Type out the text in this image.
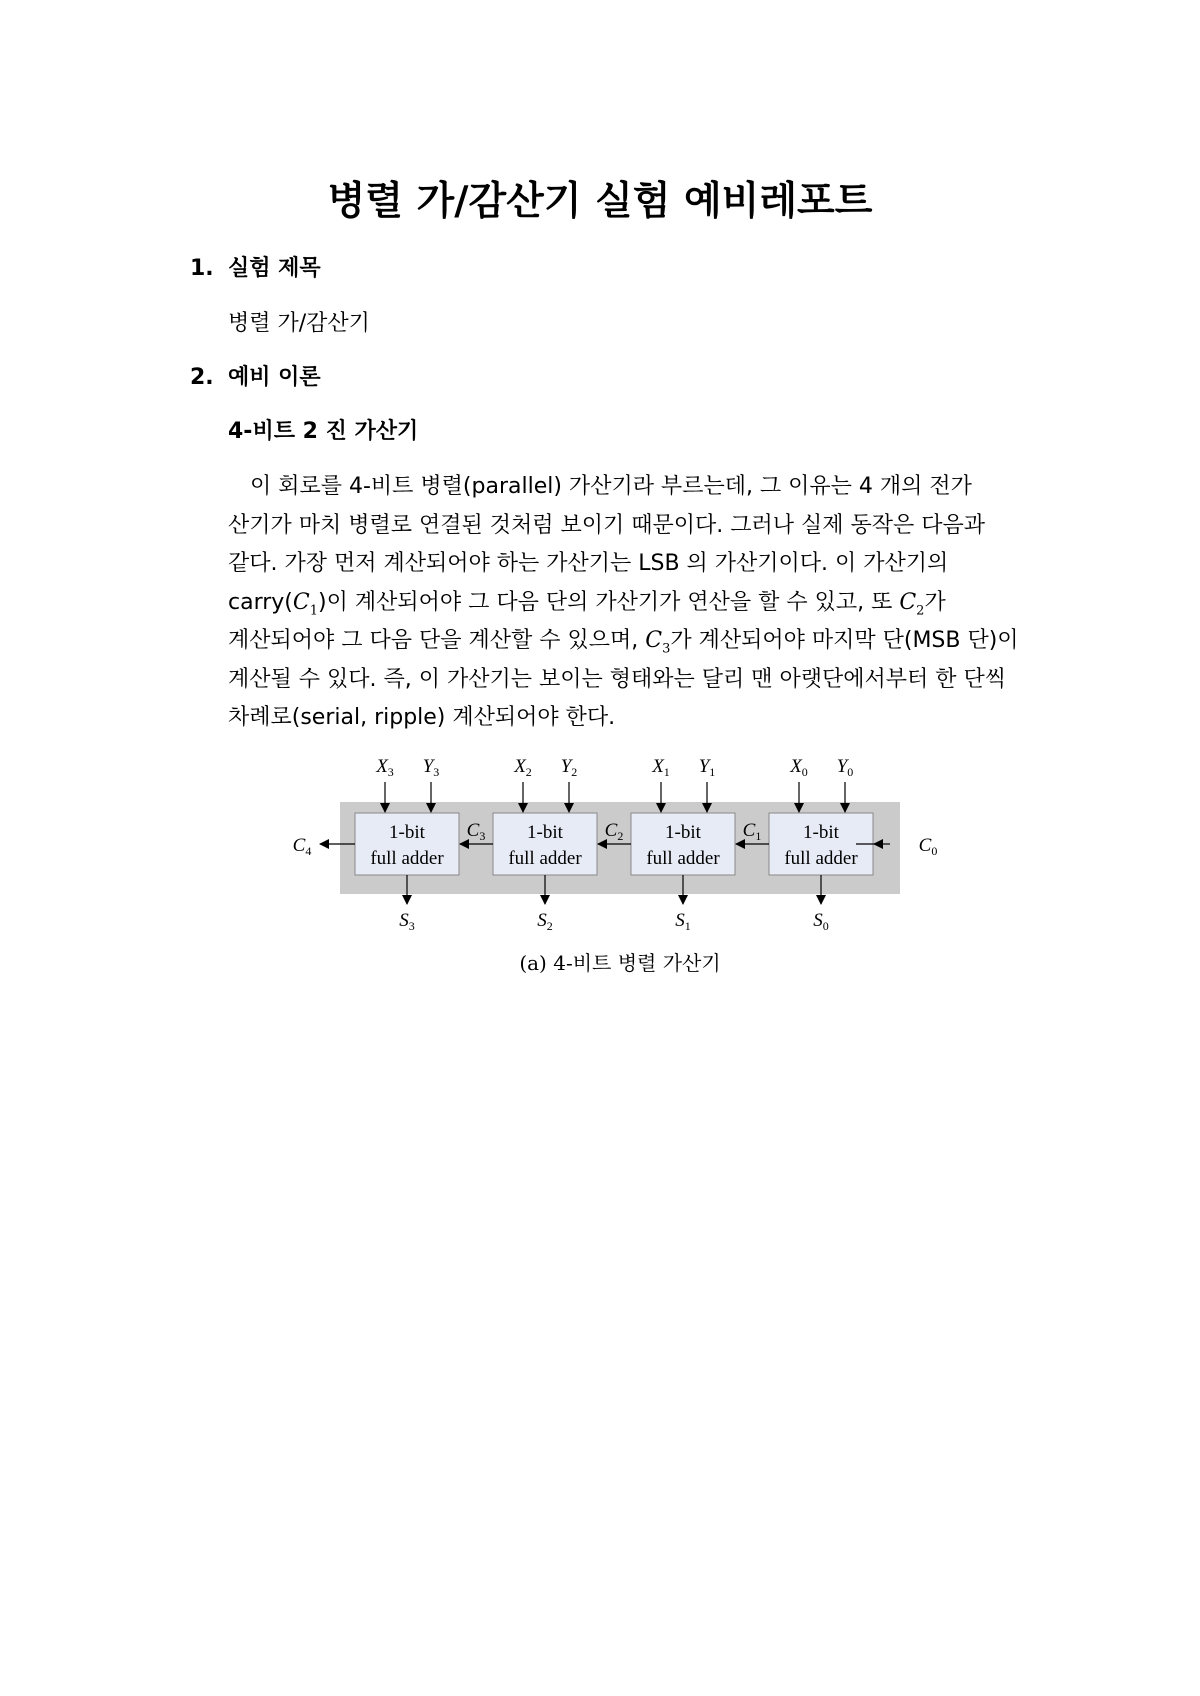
병렬 가/감산기 실험 예비레포트
1. 실험 제목
병렬 가/감산기
2. 예비 이론
4-비트 2 진 가산기
이 회로를 4-비트 병렬(parallel) 가산기라 부르는데, 그 이유는 4 개의 전가
산기가 마치 병렬로 연결된 것처럼 보이기 때문이다. 그러나 실제 동작은 다음과
같다. 가장 먼저 계산되어야 하는 가산기는 LSB 의 가산기이다. 이 가산기의
$carry(C_1)$이 계산되어야 그 다음 단의 가산기가 연산을 할 수 있고, 또 $C_2$가
계산되어야 그 다음 단을 계산할 수 있으며, $C_3$가 계산되어야 마지막 단(MSB 단)이
계산될 수 있다. 즉, 이 가산기는 보이는 형태와는 달리 맨 아랫단에서부터 한 단씩
차례로(serial, ripple) 계산되어야 한다.
1-bit
full adder
$X_3$ $Y_3$
$S_3$
1-bit
full adder
$X_2$ $Y_2$
$S_2$
1-bit
full adder
$X_1$ $Y_1$
$S_1$
1-bit
full adder
$X_0$ $Y_0$
$S_0$
$C_3$	$C_2$	$C_1$	$C_0$
$C_4$
(a) 4-비트 병렬 가산기
